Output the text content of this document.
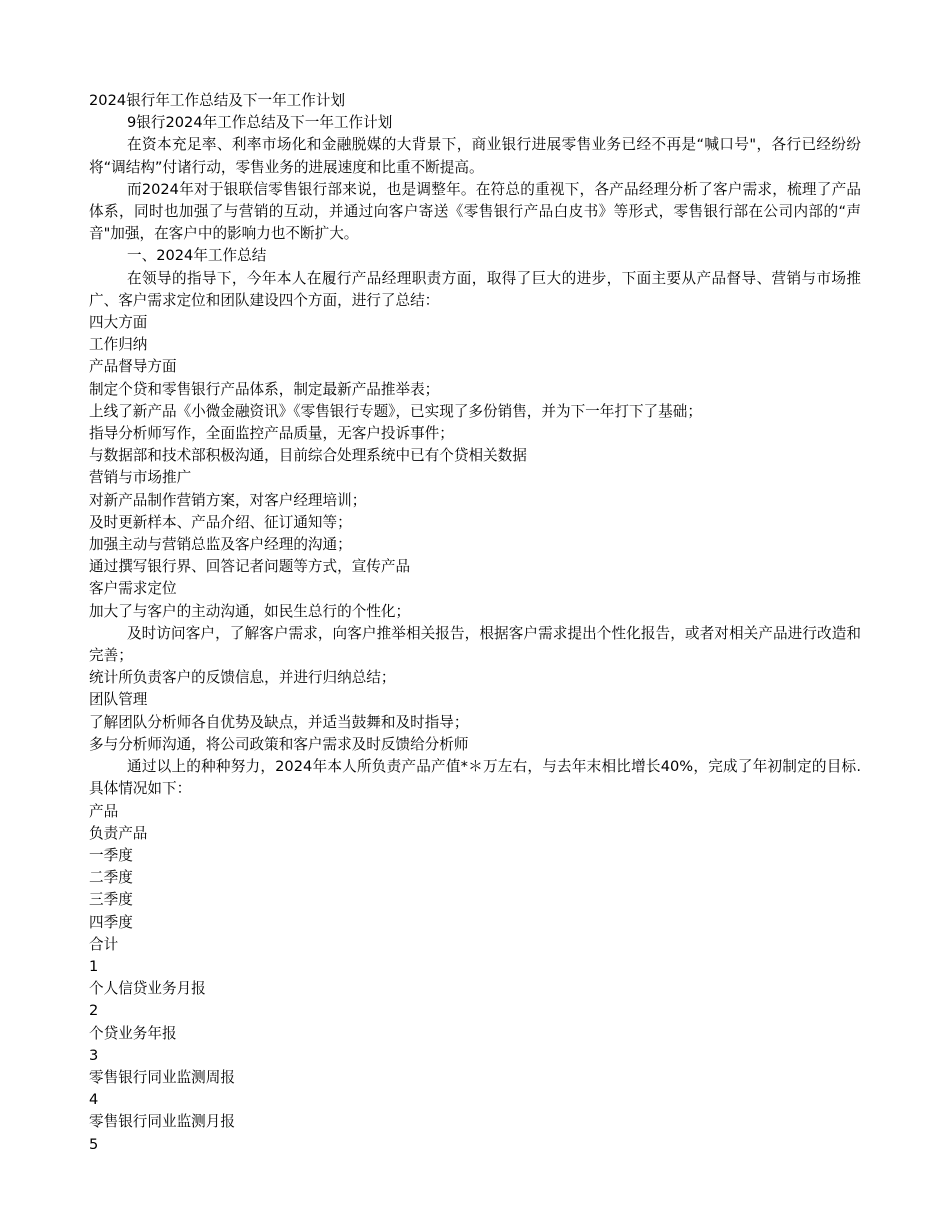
2024银行年工作总结及下一年工作计划

9银行2024年工作总结及下一年工作计划

在资本充足率、利率市场化和金融脱媒的大背景下，商业银行进展零售业务已经不再是“喊口号"，各行已经纷纷将“调结构”付诸行动，零售业务的进展速度和比重不断提高。

而2024年对于银联信零售银行部来说，也是调整年。在符总的重视下，各产品经理分析了客户需求，梳理了产品体系，同时也加强了与营销的互动，并通过向客户寄送《零售银行产品白皮书》等形式，零售银行部在公司内部的“声音"加强，在客户中的影响力也不断扩大。

一、2024年工作总结

在领导的指导下，今年本人在履行产品经理职责方面，取得了巨大的进步，下面主要从产品督导、营销与市场推广、客户需求定位和团队建设四个方面，进行了总结：

四大方面

工作归纳

产品督导方面

制定个贷和零售银行产品体系，制定最新产品推举表；

上线了新产品《小微金融资讯》《零售银行专题》，已实现了多份销售，并为下一年打下了基础；

指导分析师写作，全面监控产品质量，无客户投诉事件；

与数据部和技术部积极沟通，目前综合处理系统中已有个贷相关数据

营销与市场推广

对新产品制作营销方案，对客户经理培训；

及时更新样本、产品介绍、征订通知等；

加强主动与营销总监及客户经理的沟通；

通过撰写银行界、回答记者问题等方式，宣传产品

客户需求定位

加大了与客户的主动沟通，如民生总行的个性化；

及时访问客户，了解客户需求，向客户推举相关报告，根据客户需求提出个性化报告，或者对相关产品进行改造和完善；

统计所负责客户的反馈信息，并进行归纳总结；

团队管理

了解团队分析师各自优势及缺点，并适当鼓舞和及时指导；

多与分析师沟通，将公司政策和客户需求及时反馈给分析师

通过以上的种种努力，2024年本人所负责产品产值*＊万左右，与去年末相比增长40%，完成了年初制定的目标.具体情况如下：

产品

负责产品

一季度

二季度

三季度

四季度

合计

1

个人信贷业务月报

2

个贷业务年报

3

零售银行同业监测周报

4

零售银行同业监测月报

5
